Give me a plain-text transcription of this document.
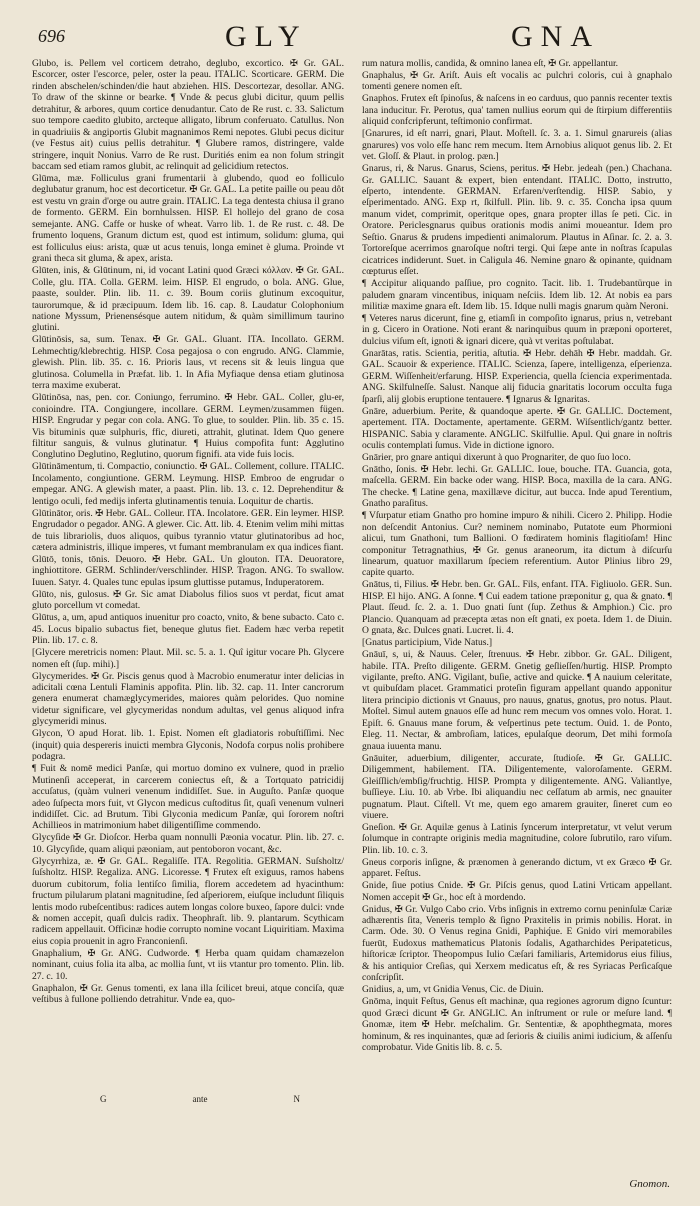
696	GLY	GNA

Glubo, is. Pellem vel corticem detraho, deglubo, excortico. ✠ Gr. GAL. Escorcer, oster l'escorce, peler, oster la peau. ITALIC. Scorticare. GERM. Die rinden abschelen/schinden/die haut abziehen. HIS. Descortezar, desollar. ANG. To draw of the skinne or bearke. ¶ Vnde & pecus glubi dicitur, quum pellis detrahitur, & arbores, quum cortice denudantur. Cato de Re rust. c. 33. Salictum suo tempore caedito glubito, arcteque alligato, librum conferuato. Catullus. Non in quadriuiis & angiportis Glubit magnanimos Remi nepotes. Glubi pecus dicitur (ve Festus ait) cuius pellis detrahitur. ¶ Glubere ramos, distringere, valde stringere, inquit Nonius. Varro de Re rust. Duritiés enim ea non folum stringit baccam sed etiam ramos glubit, ac relinquit ad gelicidium retectos.

Glūma, mæ. Folliculus grani frumentarii à glubendo, quod eo folliculo deglubatur granum, hoc est decorticetur. ✠ Gr. GAL. La petite paille ou peau dôt est vestu vn grain d'orge ou autre grain. ITALIC. La tega dentesta chiusa il grano de formento. GERM. Ein bornhulssen. HISP. El hollejo del grano de cosa semejante. ANG. Caffe or huske of wheat. Varro lib. 1. de Re rust. c. 48. De frumento loquens, Granum dictum est, quod est intimum, solidum: gluma, qui est folliculus eius: arista, quæ ut acus tenuis, longa eminet è gluma. Proinde vt grani theca sit gluma, & apex, arista.

Glūten, inis, & Glūtinum, ni, id vocant Latini quod Græci κόλλαν. ✠ Gr. GAL. Colle, glu. ITA. Colla. GERM. leim. HISP. El engrudo, o bola. ANG. Glue, paaste, soulder. Plin. lib. 11. c. 39. Boum coriis glutinum excoquitur, taurorumque, & id præcipuum. Idem lib. 16. cap. 8. Laudatur Colophonium natione Myssum, Prienensésque autem nitidum, & quàm simillimum taurino glutini.

Glūtinōsis, sa, sum. Tenax. ✠ Gr. GAL. Gluant. ITA. Incollato. GERM. Lehmechtig/klebrechtig. HISP. Cosa pegajosa o con engrudo. ANG. Clammie, glewish. Plin. lib. 35. c. 16. Prioris laus, vt recens sit & leuis lingua que glutinosa. Columella in Præfat. lib. 1. In Afia Myfiaque densa etiam glutinosa terra maxime exuberat.

Glūtinōsa, nas, pen. cor. Coniungo, ferrumino. ✠ Hebr. GAL. Coller, glu-er, conioindre. ITA. Congiungere, incollare. GERM. Leymen/zusammen fügen. HISP. Engrudar y pegar con cola. ANG. To glue, to soulder. Plin. lib. 35 c. 15. Vis bituminis quæ sulphuris, ffic, diureti, attrahit, glutinat. Idem Quo genere filtitur sanguis, & vulnus glutinatur. ¶ Huius compofita funt: Agglutino Conglutino Deglutino, Reglutino, quorum fignifi. ata vide fuis locis.

Glūtināmentum, ti. Compactio, coniunctio. ✠ GAL. Collement, collure. ITALIC. Incolamento, congiuntione. GERM. Leymung. HISP. Embroo de engrudar o empegar. ANG. A glewish mater, a paast. Plin. lib. 13. c. 12. Deprehenditur & lentigo oculi, fed medijs inferta glutinamentis tenuia. Loquitur de chartis.

Glūtinātor, oris. ✠ Hebr. GAL. Colleur. ITA. Incolatore. GER. Ein leymer. HISP. Engrudador o pegador. ANG. A glewer. Cic. Att. lib. 4. Etenim velim mihi mittas de tuis librariolis, duos aliquos, quibus tyrannio vtatur glutinatoribus ad hoc, cætera administris, illique imperes, vt fumant membranulam ex qua indices fiant.

Glūtō, tonis, tōnis. Deuoro. ✠ Hebr. GAL. Un glouton. ITA. Deuoratore, inghiottitore. GERM. Schlinder/verschlinder. HISP. Tragon. ANG. To swallow. Iuuen. Satyr. 4. Quales tunc epulas ipsum gluttisse putamus, Induperatorem.

Glūto, nis, gulosus. ✠ Gr. Sic amat Diabolus filios suos vt perdat, ficut amat gluto porcellum vt comedat.

Glūtus, a, um, apud antiquos inuenitur pro coacto, vnito, & bene subacto. Cato c. 45. Locus bipalio subactus fiet, beneque glutus fiet. Eadem hæc verba repetit Plin. lib. 17. c. 8.

[Glycere meretricis nomen: Plaut. Mil. sc. 5. a. 1. Quî igitur vocare Ph. Glycere nomen eſt (ſup. mihi).]

Glycymerides. ✠ Gr. Piscis genus quod à Macrobio enumeratur inter delicias in adicitali cœna Lentuli Flaminis appofita. Plin. lib. 32. cap. 11. Inter cancrorum genera enumerat chamæglycymerides, maiores quàm pelorides. Quo nomine videtur significare, vel glycymeridas nondum adultas, vel genus aliquod infra glycymeridi minus.

Glycon, Ὁ apud Horat. lib. 1. Epist. Nomen eſt gladiatoris robuſtiſſimi. Nec (inquit) quia despereris inuicti membra Glyconis, Nodofa corpus nolis prohibere podagra.

¶ Fuit & nomē medici Panſæ, qui mortuo domino ex vulnere, quod in prælio Mutinenſi acceperat, in carcerem coniectus eſt, & a Tortquato patricidij accuſatus, (quàm vulneri venenum indidiſſet. Sue. in Auguſto. Panſæ quoque adeo ſuſpecta mors fuit, vt Glycon medicus cuſtoditus ſit, quaſi venenum vulneri indidiſſet. Cic. ad Brutum. Tibi Glyconia medicum Panſæ, qui ſororem noſtri Achillieos in matrimonium habet diligentiſſime commendo.

Glycyſide ✠ Gr. Dioſcor. Herba quam nonnulli Pæonia vocatur. Plin. lib. 27. c. 10. Glycyſide, quam aliqui pæoniam, aut pentoboron vocant, &c.

Glycyrrhiza, æ. ✠ Gr. GAL. Regaliſſe. ITA. Regolitia. GERMAN. Suſsholtz/ſuſsholtz. HISP. Regaliza. ANG. Licoresse. ¶ Frutex eſt exiguus, ramos habens duorum cubitorum, folia lentiſco ſimilia, florem accedetem ad hyacinthum: fructum pilularum platani magnitudine, ſed aſperiorem, eiuſque includunt ſiliquis lentis modo rubeſcentibus: radices autem longas colore buxeo, ſapore dulci: vnde & nomen accepit, quaſi dulcis radix. Theophraſt. lib. 9. plantarum. Scythicam radicem appellauit. Officinæ hodie corrupto nomine vocant Liquiritiam. Maxima eius copia prouenit in agro Franconienſi.

Gnaphalium, ✠ Gr. ANG. Cudworde. ¶ Herba quam quidam chamæzelon nominant, cuius folia ita alba, ac mollia ſunt, vt iis vtantur pro tomento. Plin. lib. 27. c. 10.

Gnaphalon, ✠ Gr. Genus tomenti, ex lana illa ſcilicet breui, atque conciſa, quæ veſtibus à fullone polliendo detrahitur. Vnde ea, quo-

rum natura mollis, candida, & omnino lanea eſt, ✠ Gr. appellantur.

Gnaphalus, ✠ Gr. Ariſt. Auis eſt vocalis ac pulchri coloris, cui à gnaphalo tomenti genere nomen eſt.

Gnaphos. Frutex eſt ſpinoſus, & naſcens in eo carduus, quo pannis recenter textis lana inducitur. Fr. Perotus, qua' tamen nullius eorum qui de ſtirpium differentiis aliquid confcripferunt, teſtimonio confirmat.

[Gnarures, id eſt narri, gnari, Plaut. Moſtell. ſc. 3. a. 1. Simul gnarureis (alias gnarures) vos volo eſſe hanc rem mecum. Item Arnobius aliquot genus lib. 2. Et vet. Gloſſ. & Plaut. in prolog. pæn.]

Gnarus, ri, & Narus. Gnarus, Sciens, peritus. ✠ Hebr. jedeah (pen.) Chachana. Gr. GALLIC. Sauant & expert, bien entendant. ITALIC. Dotto, instrutto, eſperto, intendente. GERMAN. Erfaren/verſtendig. HISP. Sabio, y eſperimentado. ANG. Exp rt, ſkilfull. Plin. lib. 9. c. 35. Concha ipsa quum manum videt, comprimit, operitque opes, gnara propter illas ſe peti. Cic. in Oratore. Periclesgnarus quibus orationis modis animi moueantur. Idem pro Seſtio. Gnarus & prudens impedienti animalorum. Plautus in Aſinar. ſc. 2. a. 3. Tortoreſque acerrimos gnaroſque noſtri tergi. Qui ſæpe ante in noſtras ſcapulas cicatrices indiderunt. Suet. in Caligula 46. Nemine gnaro & opinante, quidnam cœpturus eſſet.

¶ Accipitur aliquando paſſiue, pro cognito. Tacit. lib. 1. Trudebantürque in paludem gnaram vincentibus, iniquam neſciis. Idem lib. 12. At nobis ea pars militiæ maxime gnara eſt. Idem lib. 15. Idque nulli magis gnarum quàm Neroni.

¶ Veteres narus dicerunt, fine g, etiamſi in compoſito ignarus, prius n, vetrebant in g. Cicero in Oratione. Noti erant & narinquibus quum in præponi oporteret, dulcius viſum eſt, ignoti & ignari dicere, quà vt veritas poſtulabat.

Gnarātas, ratis. Scientia, peritia, aſtutia. ✠ Hebr. dehāh ✠ Hebr. maddah. Gr. GAL. Scauoir & experience. ITALIC. Scienza, ſapere, intelligenza, eſperienza. GERM. Wiſſenheit/erfarung. HISP. Experiencia, quella ſciencia experimentada. ANG. Skilfulneſſe. Salust. Nanque alij fiducia gnaritatis locorum occulta fuga ſparſi, alij globis eruptione tentauere. ¶ Ignarus & Ignaritas.

Gnāre, aduerbium. Perite, & quandoque aperte. ✠ Gr. GALLIC. Doctement, apertement. ITA. Doctamente, apertamente. GERM. Wiſsentlich/gantz better. HISPANIC. Sabia y claramente. ANGLIC. Skilfullie. Apul. Qui gnare in noſtris oculis contemplati ſumus. Vide in dictione ignoro.

Gnārier, pro gnare antiqui dixerunt à quo Prognariter, de quo ſuo loco.

Gnātho, ſonis. ✠ Hebr. lechi. Gr. GALLIC. Ioue, bouche. ITA. Guancia, gota, maſcella. GERM. Ein backe oder wang. HISP. Boca, maxilla de la cara. ANG. The checke. ¶ Latine gena, maxillæve dicitur, aut bucca. Inde apud Terentium, Gnatho paraſitus.

¶ Vſurpatur etiam Gnatho pro homine impuro & nihili. Cicero 2. Philipp. Hodie non deſcendit Antonius. Cur? neminem nominabo, Putatote eum Phormioni alicui, tum Gnathoni, tum Ballioni. O fœdiratem hominis flagitioſam! Hinc componitur Tetragnathius, ✠ Gr. genus araneorum, ita dictum à diſcurſu linearum, quatuor maxillarum ſpeciem referentium. Autor Plinius libro 29, capite quarto.

Gnātus, ti, Filius. ✠ Hebr. ben. Gr. GAL. Fils, enfant. ITA. Figliuolo. GER. Sun. HISP. El hijo. ANG. A ſonne. ¶ Cui eadem tatione præponitur g, qua & gnato. ¶ Plaut. ſſeud. ſc. 2. a. 1. Duo gnati ſunt (ſup. Zethus & Amphion.) Cic. pro Plancio. Quanquam ad præcepta ætas non eſt gnati, ex poeta. Idem 1. de Diuin. O gnata, &c. Dulces gnati. Lucret. li. 4.

[Gnatus participium, Vide Natus.]

Gnāuī, s, ui, & Nauus. Celer, ſtrenuus. ✠ Hebr. zibbor. Gr. GAL. Diligent, habile. ITA. Preſto diligente. GERM. Gnetig geſlieſſen/hurtig. HISP. Prompto vigilante, preſto. ANG. Vigilant, buſie, active and quicke. ¶ A nauium celeritate, vt quibuſdam placet. Grammatici proteſin figuram appellant quando apponitur litera principio dictionis vt Gnauus, pro nauus, gnatus, gnotus, pro notus. Plaut. Moſtel. Simul autem gnauos eſſe ad hunc rem mecum vos omnes volo. Horat. 1. Epiſt. 6. Gnauus mane forum, & veſpertinus pete tectum. Ouid. 1. de Ponto, Eleg. 11. Nectar, & ambroſiam, latices, epulaſque deorum, Det mihi formoſa gnaua iuuenta manu.

Gnāuiter, aduerbium, diligenter, accurate, ſtudioſe. ✠ Gr. GALLIC. Diligemment, habilement. ITA. Diligentemente, valoroſamente. GERM. Gleiſſlich/embſig/fruchtig. HISP. Prompta y diligentemente. ANG. Valiantlye, buſſieye. Liu. 10. ab Vrbe. Ibi aliquandiu nec ceſſatum ab armis, nec gnauiter pugnatum. Plaut. Ciſtell. Vt me, quem ego amarem grauiter, ſineret cum eo viuere.

Gneſion. ✠ Gr. Aquilæ genus à Latinis ſyncerum interpretatur, vt velut verum ſolumque in contrapte originis media magnitudine, colore ſubrutilo, raro viſum. Plin. lib. 10. c. 3.

Gneus corporis inſigne, & prænomen à generando dictum, vt ex Græco ✠ Gr. apparet. Feſtus.

Gnide, ſiue potius Cnide. ✠ Gr. Piſcis genus, quod Latini Vrticam appellant. Nomen accepit ✠ Gr., hoc eſt à mordendo.

Gnidus, ✠ Gr. Vulgo Cabo crio. Vrbs inſignis in extremo cornu peninſulæ Cariæ adhærentis ſita, Veneris templo & ſigno Praxitelis in primis nobilis. Horat. in Carm. Ode. 30. O Venus regina Gnidi, Paphiq́ue. E Gnido viri memorabiles fuerūt, Eudoxus mathematicus Platonis ſodalis, Agatharchides Peripateticus, hiſtoricæ ſcriptor. Theopompus Iulio Cæſari familiaris, Artemidorus eius filius, & his antiquior Creſias, qui Xerxem medicatus eſt, & res Syriacas Perſicaſque conſcripſit.

Gnidius, a, um, vt Gnidia Venus, Cic. de Diuin.

Gnōma, inquit Feſtus, Genus eſt machinæ, qua regiones agrorum digno ſcuntur: quod Græci dicunt ✠ Gr. ANGLIC. An inſtrument or rule or meſure land. ¶ Gnomæ, item ✠ Hebr. meſchalim. Gr. Sententiæ, & apophthegmata, mores hominum, & res inquinantes, quæ ad ſerioris & ciuilis animi iudicium, & aſſenſu comprobatur. Vide Gnitis lib. 8. c. 5.

G	ante	N
Gnomon.
